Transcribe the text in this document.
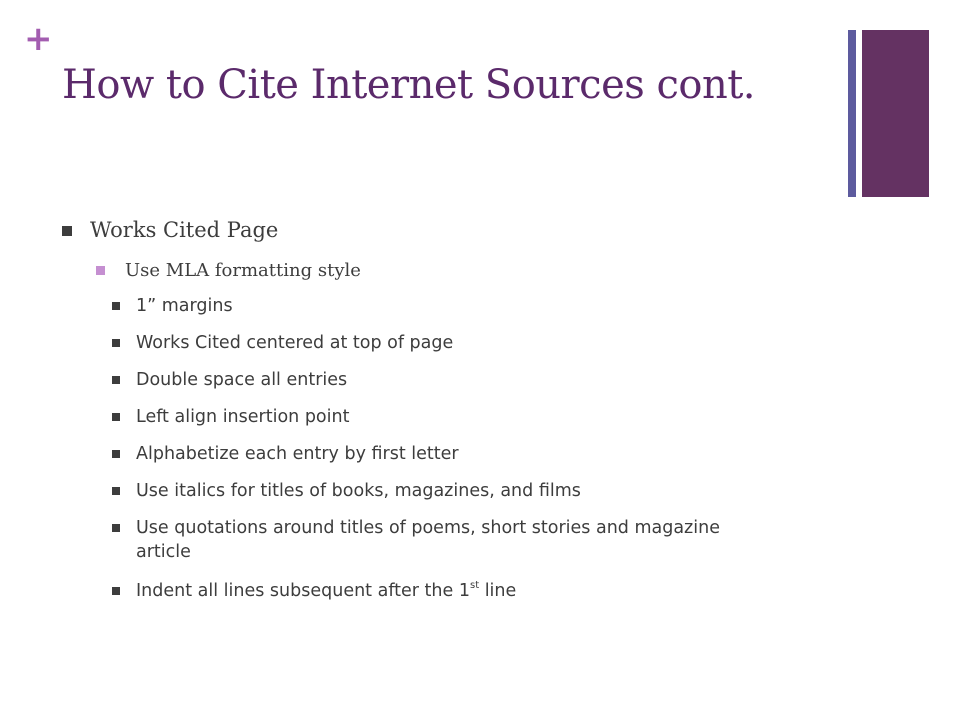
+
How to Cite Internet Sources cont.
Works Cited Page
Use MLA formatting style
1” margins
Works Cited centered at top of page
Double space all entries
Left align insertion point
Alphabetize each entry by first letter
Use italics for titles of books, magazines, and films
Use quotations around titles of poems, short stories and magazine article
Indent all lines subsequent after the 1st line
